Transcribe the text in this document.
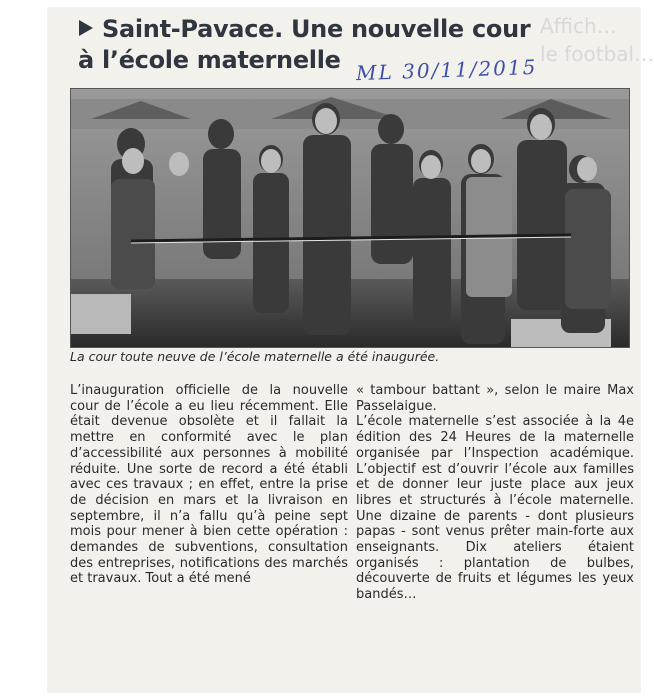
Affich…
le footbal…
Saint-Pavace. Une nouvelle cour
à l’école maternelle ML 30/11/2015
La cour toute neuve de l’école maternelle a été inaugurée.

L’inauguration officielle de la nouvelle cour de l’école a eu lieu récemment. Elle était devenue obsolète et il fallait la mettre en conformité avec le plan d’accessibilité aux personnes à mobilité réduite. Une sorte de record a été établi avec ces travaux ; en effet, entre la prise de décision en mars et la livraison en septembre, il n’a fallu qu’à peine sept mois pour mener à bien cette opération : demandes de subventions, consultation des entreprises, notifications des marchés et travaux. Tout a été mené

« tambour battant », selon le maire Max Passelaigue.

L’école maternelle s’est associée à la 4e édition des 24 Heures de la maternelle organisée par l’Inspection académique. L’objectif est d’ouvrir l’école aux familles et de donner leur juste place aux jeux libres et structurés à l’école maternelle. Une dizaine de parents - dont plusieurs papas - sont venus prêter main-forte aux enseignants. Dix ateliers étaient organisés : plantation de bulbes, découverte de fruits et légumes les yeux bandés…
